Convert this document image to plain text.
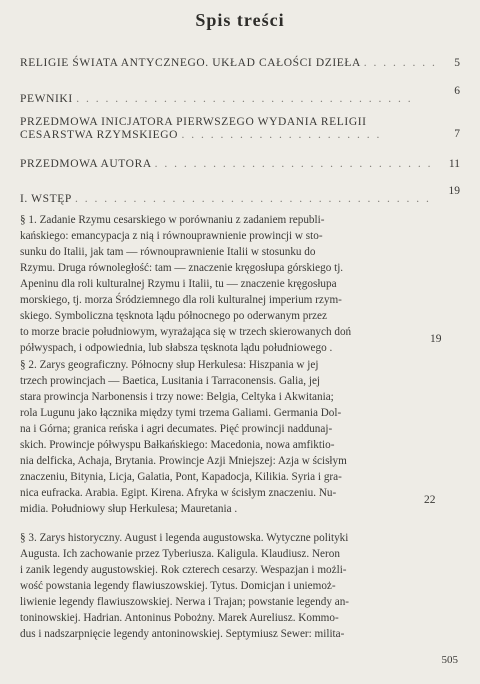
Spis treści
RELIGIE ŚWIATA ANTYCZNEGO. UKŁAD CAŁOŚCI DZIEŁA . . . . . . . . 5
PEWNIKI . . . . . . . . . . . . . . . . . . . . . . . . . . . . . . . . . . .
6
PRZEDMOWA INICJATORA PIERWSZEGO WYDANIA RELIGII
CESARSTWA RZYMSKIEGO . . . . . . . . . . . . . . . . . . . . .	7
PRZEDMOWA AUTORA . . . . . . . . . . . . . . . . . . . . . . . . . . . . . 11
I. WSTĘP . . . . . . . . . . . . . . . . . . . . . . . . . . . . . . . . . . . . .
19
§ 1. Zadanie Rzymu cesarskiego w porównaniu z zadaniem republi-
kańskiego: emancypacja z nią i równouprawnienie prowincji w sto-
sunku do Italii, jak tam — równouprawnienie Italii w stosunku do
Rzymu. Druga równoległość: tam — znaczenie kręgosłupa górskiego tj.
Apeninu dla roli kulturalnej Rzymu i Italii, tu — znaczenie kręgosłupa
morskiego, tj. morza Śródziemnego dla roli kulturalnej imperium rzym-
skiego. Symboliczna tęsknota lądu północnego po oderwanym przez
to morze bracie południowym, wyrażająca się w trzech skierowanych doń
półwyspach, i odpowiednia, lub słabsza tęsknota lądu południowego .
19
§ 2. Zarys geograficzny. Północny słup Herkulesa: Hiszpania w jej
trzech prowincjach — Baetica, Lusitania i Tarraconensis. Galia, jej
stara prowincja Narbonensis i trzy nowe: Belgia, Celtyka i Akwitania;
rola Lugunu jako łącznika między tymi trzema Galiami. Germania Dol-
na i Górna; granica reńska i agri decumates. Pięć prowincji naddunaj-
skich. Prowincje półwyspu Bałkańskiego: Macedonia, nowa amfiktio-
nia delficka, Achaja, Brytania. Prowincje Azji Mniejszej: Azja w ścisłym
znaczeniu, Bitynia, Licja, Galatia, Pont, Kapadocja, Kilikia. Syria i gra-
nica eufracka. Arabia. Egipt. Kirena. Afryka w ścisłym znaczeniu. Nu-
midia. Południowy słup Herkulesa; Mauretania .
22
§ 3. Zarys historyczny. August i legenda augustowska. Wytyczne polityki
Augusta. Ich zachowanie przez Tyberiusza. Kaligula. Klaudiusz. Neron
i zanik legendy augustowskiej. Rok czterech cesarzy. Wespazjan i możli-
wość powstania legendy flawiuszowskiej. Tytus. Domicjan i uniemoż-
liwienie legendy flawiuszowskiej. Nerwa i Trajan; powstanie legendy an-
toninowskiej. Hadrian. Antoninus Pobożny. Marek Aureliusz. Kommo-
dus i nadszarpnięcie legendy antoninowskiej. Septymiusz Sewer: milita-
505
